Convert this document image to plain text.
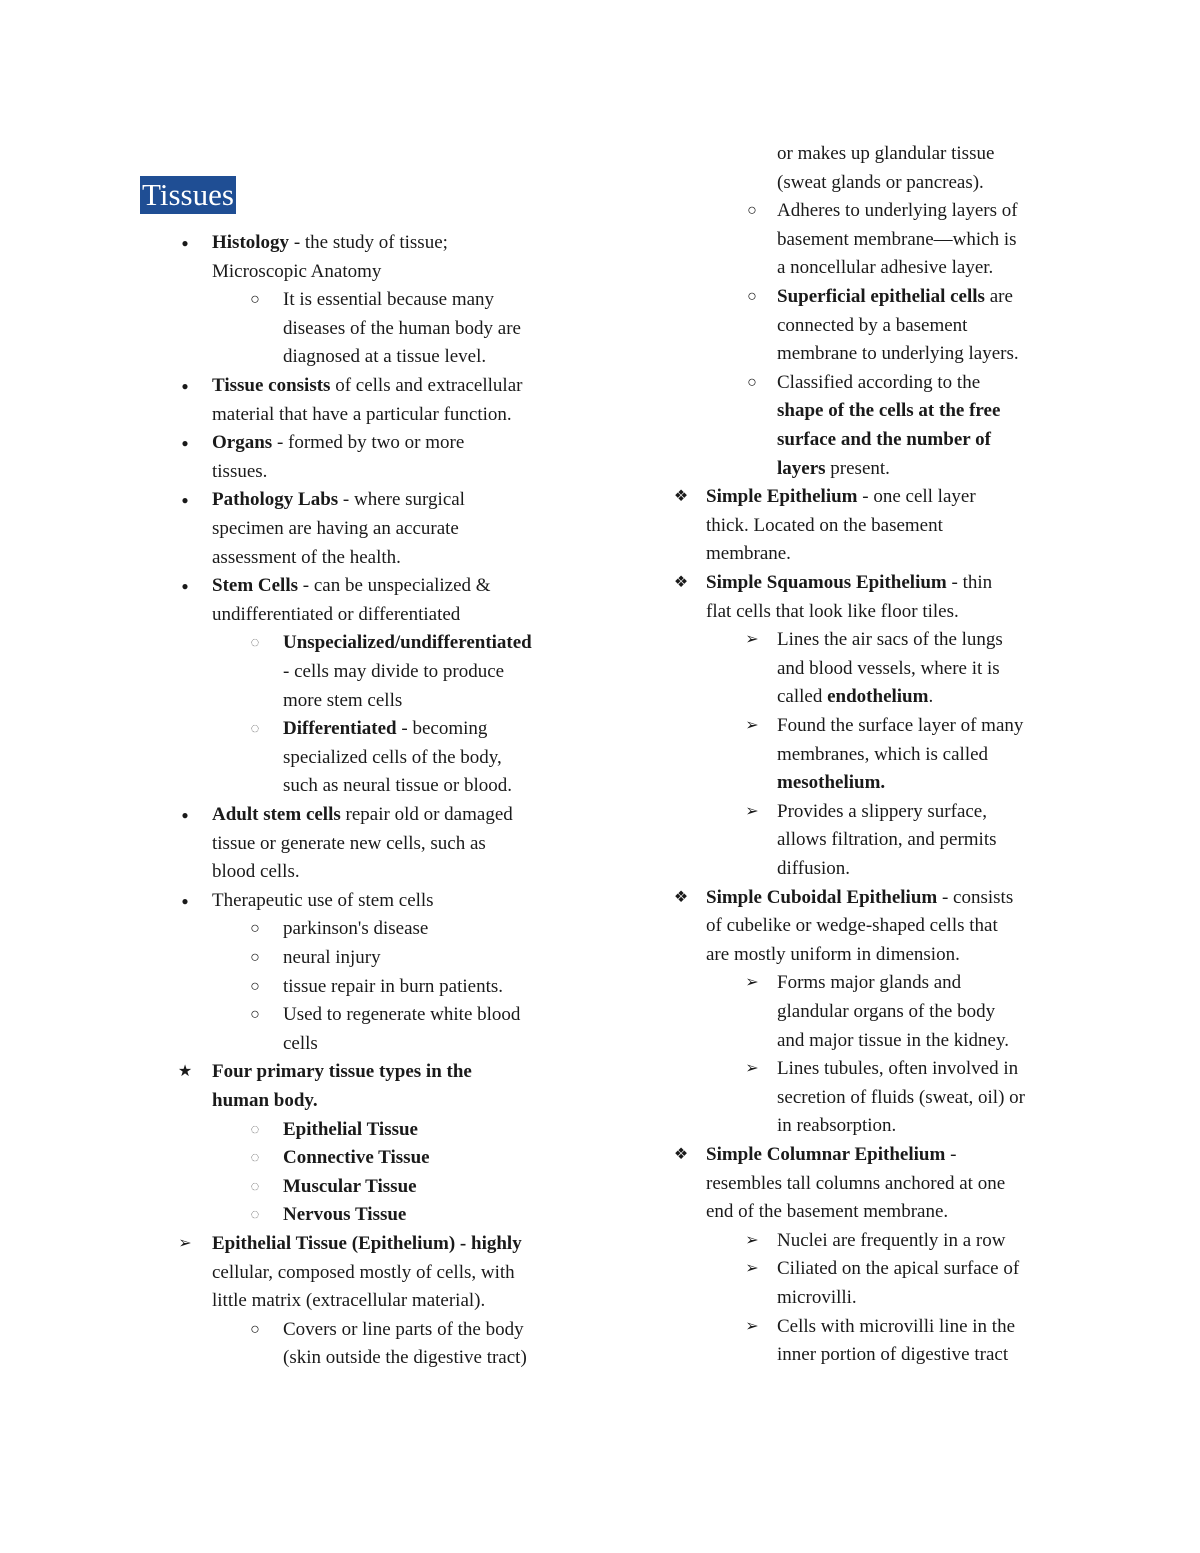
Tissues
●	Histology - the study of tissue;
Microscopic Anatomy
○	It is essential because many
diseases of the human body are
diagnosed at a tissue level.
●	Tissue consists of cells and extracellular
material that have a particular function.
●	Organs - formed by two or more
tissues.
●	Pathology Labs - where surgical
specimen are having an accurate
assessment of the health.
●	Stem Cells - can be unspecialized &
undifferentiated or differentiated
◌	Unspecialized/undifferentiated
- cells may divide to produce
more stem cells
◌	Differentiated - becoming
specialized cells of the body,
such as neural tissue or blood.
●	Adult stem cells repair old or damaged
tissue or generate new cells, such as
blood cells.
●	Therapeutic use of stem cells
○	parkinson's disease
○	neural injury
○	tissue repair in burn patients.
○	Used to regenerate white blood
cells
★ Four primary tissue types in the
human body.
◌	Epithelial Tissue
◌	Connective Tissue
◌	Muscular Tissue
◌	Nervous Tissue
➢ Epithelial Tissue (Epithelium) - highly
cellular, composed mostly of cells, with
little matrix (extracellular material).
○	Covers or line parts of the body
(skin outside the digestive tract)
or makes up glandular tissue
(sweat glands or pancreas).
○	Adheres to underlying layers of
basement membrane—which is
a noncellular adhesive layer.
○	Superficial epithelial cells are
connected by a basement
membrane to underlying layers.
○	Classified according to the
shape of the cells at the free
surface and the number of
layers present.
❖ Simple Epithelium - one cell layer
thick. Located on the basement
membrane.
❖ Simple Squamous Epithelium - thin
flat cells that look like floor tiles.
➢ Lines the air sacs of the lungs
and blood vessels, where it is
called endothelium.
➢ Found the surface layer of many
membranes, which is called
mesothelium.
➢ Provides a slippery surface,
allows filtration, and permits
diffusion.
❖ Simple Cuboidal Epithelium - consists
of cubelike or wedge-shaped cells that
are mostly uniform in dimension.
➢ Forms major glands and
glandular organs of the body
and major tissue in the kidney.
➢ Lines tubules, often involved in
secretion of fluids (sweat, oil) or
in reabsorption.
❖ Simple Columnar Epithelium -
resembles tall columns anchored at one
end of the basement membrane.
➢ Nuclei are frequently in a row
➢ Ciliated on the apical surface of
microvilli.
➢ Cells with microvilli line in the
inner portion of digestive tract
